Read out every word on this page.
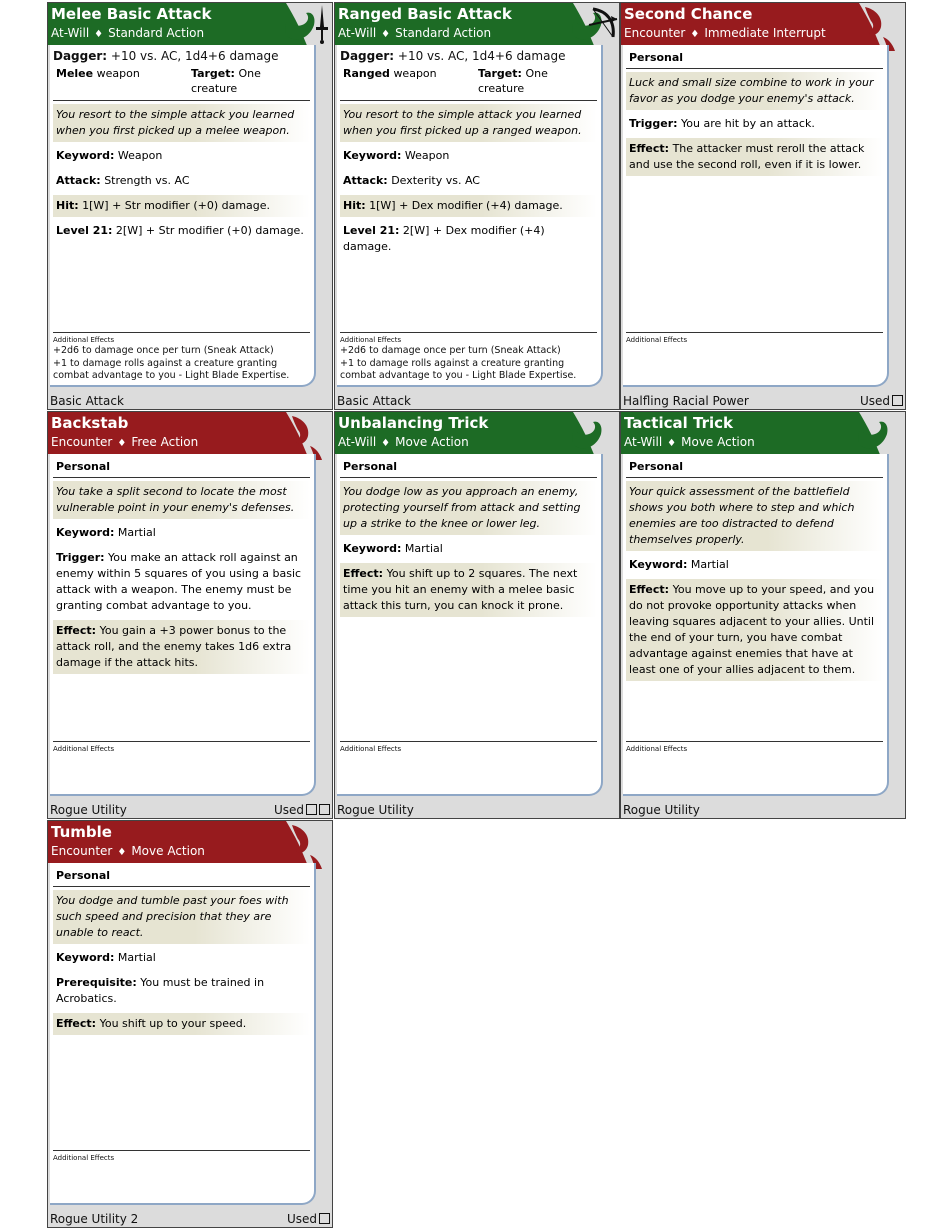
Melee Basic Attack
At-Will ♦ Standard Action
Dagger: +10 vs. AC, 1d4+6 damage
Melee weapon	Target: One creature
You resort to the simple attack you learned when you first picked up a melee weapon.
Keyword: Weapon
Attack: Strength vs. AC
Hit: 1[W] + Str modifier (+0) damage.
Level 21: 2[W] + Str modifier (+0) damage.
Additional Effects
+2d6 to damage once per turn (Sneak Attack)
+1 to damage rolls against a creature granting combat advantage to you - Light Blade Expertise.
Basic Attack
Ranged Basic Attack
At-Will ♦ Standard Action
Dagger: +10 vs. AC, 1d4+6 damage
Ranged weapon	Target: One creature
You resort to the simple attack you learned when you first picked up a ranged weapon.
Keyword: Weapon
Attack: Dexterity vs. AC
Hit: 1[W] + Dex modifier (+4) damage.
Level 21: 2[W] + Dex modifier (+4) damage.
Additional Effects
+2d6 to damage once per turn (Sneak Attack)
+1 to damage rolls against a creature granting combat advantage to you - Light Blade Expertise.
Basic Attack
Second Chance
Encounter ♦ Immediate Interrupt
Personal
Luck and small size combine to work in your favor as you dodge your enemy's attack.
Trigger: You are hit by an attack.
Effect: The attacker must reroll the attack and use the second roll, even if it is lower.
Additional Effects
Halfling Racial Power	Used
Backstab
Encounter ♦ Free Action
Personal
You take a split second to locate the most vulnerable point in your enemy's defenses.
Keyword: Martial
Trigger: You make an attack roll against an enemy within 5 squares of you using a basic attack with a weapon. The enemy must be granting combat advantage to you.
Effect: You gain a +3 power bonus to the attack roll, and the enemy takes 1d6 extra damage if the attack hits.
Additional Effects
Rogue Utility	Used
Unbalancing Trick
At-Will ♦ Move Action
Personal
You dodge low as you approach an enemy, protecting yourself from attack and setting up a strike to the knee or lower leg.
Keyword: Martial
Effect: You shift up to 2 squares. The next time you hit an enemy with a melee basic attack this turn, you can knock it prone.
Additional Effects
Rogue Utility
Tactical Trick
At-Will ♦ Move Action
Personal
Your quick assessment of the battlefield shows you both where to step and which enemies are too distracted to defend themselves properly.
Keyword: Martial
Effect: You move up to your speed, and you do not provoke opportunity attacks when leaving squares adjacent to your allies. Until the end of your turn, you have combat advantage against enemies that have at least one of your allies adjacent to them.
Additional Effects
Rogue Utility
Tumble
Encounter ♦ Move Action
Personal
You dodge and tumble past your foes with such speed and precision that they are unable to react.
Keyword: Martial
Prerequisite: You must be trained in Acrobatics.
Effect: You shift up to your speed.
Additional Effects
Rogue Utility 2	Used
